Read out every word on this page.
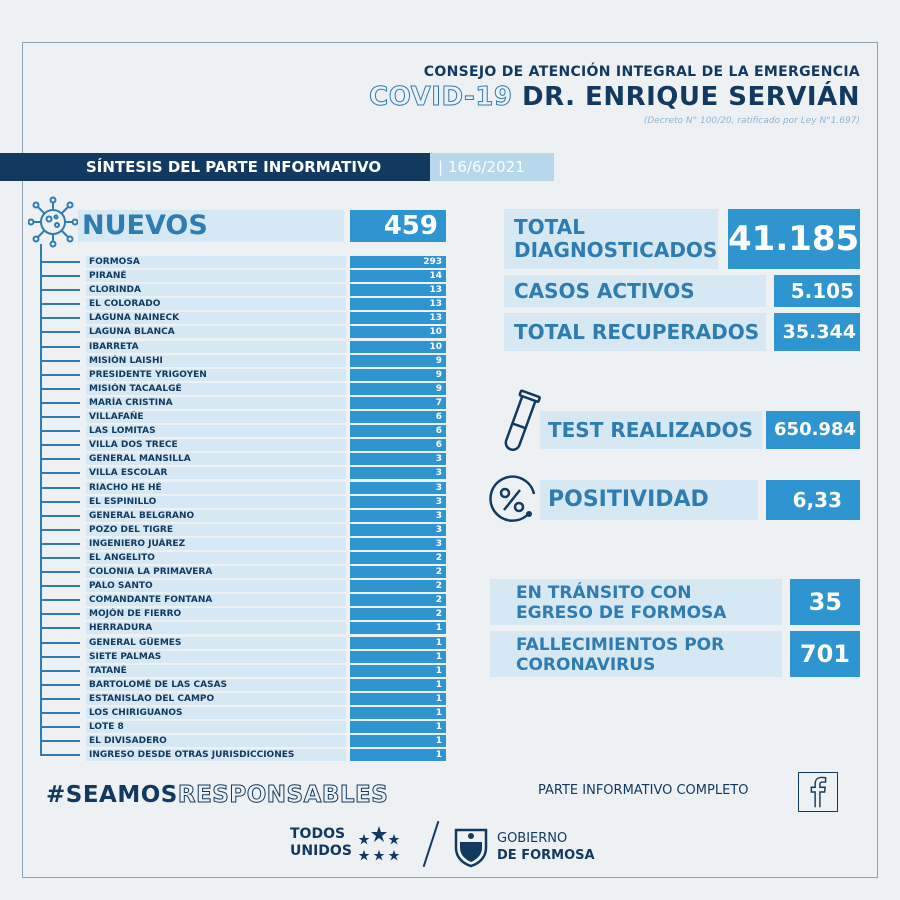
CONSEJO DE ATENCIÓN INTEGRAL DE LA EMERGENCIA
COVID-19 DR. ENRIQUE SERVIÁN
(Decreto N° 100/20, ratificado por Ley N°1.697)
SÍNTESIS DEL PARTE INFORMATIVO	| 16/6/2021
NUEVOS	459
FORMOSA	293
PIRANÉ	14
CLORINDA	13
EL COLORADO	13
LAGUNA NAINECK	13
LAGUNA BLANCA	10
IBARRETA	10
MISIÓN LAISHI	9
PRESIDENTE YRIGOYEN	9
MISIÓN TACAALGÉ	9
MARÍA CRISTINA	7
VILLAFAÑE	6
LAS LOMITAS	6
VILLA DOS TRECE	6
GENERAL MANSILLA	3
VILLA ESCOLAR	3
RIACHO HE HÉ	3
EL ESPINILLO	3
GENERAL BELGRANO	3
POZO DEL TIGRE	3
INGENIERO JUÁREZ	3
EL ANGELITO	2
COLONIA LA PRIMAVERA	2
PALO SANTO	2
COMANDANTE FONTANA	2
MOJÓN DE FIERRO	2
HERRADURA	1
GENERAL GÜEMES	1
SIETE PALMAS	1
TATANÉ	1
BARTOLOMÉ DE LAS CASAS	1
ESTANISLAO DEL CAMPO	1
LOS CHIRIGUANOS	1
LOTE 8	1
EL DIVISADERO	1
INGRESO DESDE OTRAS JURISDICCIONES	1
TOTAL
DIAGNOSTICADOS 41.185
CASOS ACTIVOS	5.105
TOTAL RECUPERADOS	35.344
TEST REALIZADOS	650.984
POSITIVIDAD	6,33
EN TRÁNSITO CON
EGRESO DE FORMOSA	35
FALLECIMIENTOS POR
CORONAVIRUS	701
#SEAMOSRESPONSABLES	PARTE INFORMATIVO COMPLETO
TODOS
UNIDOS
GOBIERNO
DE FORMOSA
